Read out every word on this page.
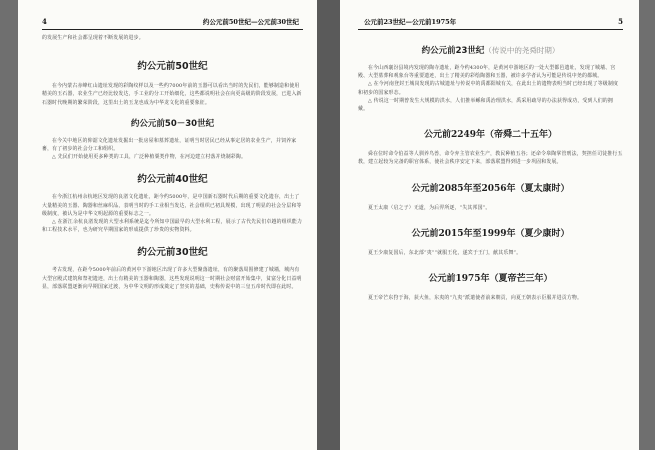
4	约公元前50世纪—公元前30世纪

的发展生产和社会都呈现着不断发展的进步。

约公元前50世纪

在今内蒙古赤峰红山遗址发现的彩陶纹样以及一些约7000年前的玉器可以看出当时的先民们，能够制造和使用精美的玉石器，农业生产已经比较发达，手工业的分工开始细化，这些都说明社会在向更高级的阶段发展，已进入新石器时代晚期的繁荣阶段，这里出土的玉龙也成为中华龙文化的重要象征。

约公元前50－30世纪

在今关中地区的仰韶文化遗址发掘出一批房屋和墓葬遗址，证明当时居民已经从事定居的农业生产，并饲养家畜，有了初步的社会分工和组织。

△ 先民们开始使用更多种类的工具，广泛种植粟类作物，在河边建立村落并烧制彩陶。

约公元前40世纪

在今浙江杭州余杭地区发现的良渚文化遗址，距今约5000年，是中国新石器时代后期的重要文化遗存，出土了大量精美的玉器、陶器和丝麻织品，表明当时的手工业相当发达，社会组织已初具规模，出现了明显的社会分层和等级制度，被认为是中华文明起源的重要标志之一。

△ 在浙江余杭良渚发现的大型水利系统是迄今所知中国最早的大型水利工程，展示了古代先民们卓越的组织能力和工程技术水平，也为研究早期国家的形成提供了珍贵的实物资料。

约公元前30世纪

考古发现，在距今5000年前后的黄河中下游地区出现了许多大型聚落遗址，有的聚落周围修建了城墙，城内有大型宫殿式建筑和祭祀遗迹，出土有精美的玉器和陶器，这些发现说明这一时期社会财富开始集中，贫富分化日益明显，部落联盟逐渐向早期国家过渡，为中华文明的形成奠定了坚实的基础，史称传说中的三皇五帝时代即在此时。

公元前23世纪—公元前1975年	5

约公元前23世纪（传说中的尧舜时期）

在今山西襄汾县境内发现的陶寺遗址，距今约4300年，是黄河中游地区的一处大型都邑遗址，发现了城墙、宫殿、大型墓葬和观象台等重要遗迹，出土了精美的彩绘陶器和玉器，被许多学者认为可能是传说中尧的都城。

△ 在今河南登封王城岗发现的古城遗址与传说中的禹都阳城有关，在此出土的遗物表明当时已经出现了等级制度和初步的国家形态。

△ 传说这一时期曾发生大规模的洪水，人们推举鲧和禹治理洪水，禹采用疏导的办法获得成功，受到人们的拥戴。

公元前2249年（帝舜二十五年）

舜在位时命令伯益等人驯养鸟兽，命令弃主管农业生产，教民种植五谷；还命令皋陶掌管刑法，契担任司徒推行五教，建立起较为完备的职官体系，使社会秩序安定下来，部落联盟得到进一步巩固和发展。

公元前2085年至2056年（夏太康时）

夏王太康（启之子）无道，为后羿所逐，“失其邦国”。

公元前2015年至1999年（夏少康时）

夏王少康复国后，东北部“夷”“就服王化，遂宾于王门，献其乐舞”。

公元前1975年（夏帝芒三年）

夏王帝芒东狩于海，获大鱼，东夷的“九夷”派遣使者前来朝贡，向夏王朝表示臣服并进贡方物。
